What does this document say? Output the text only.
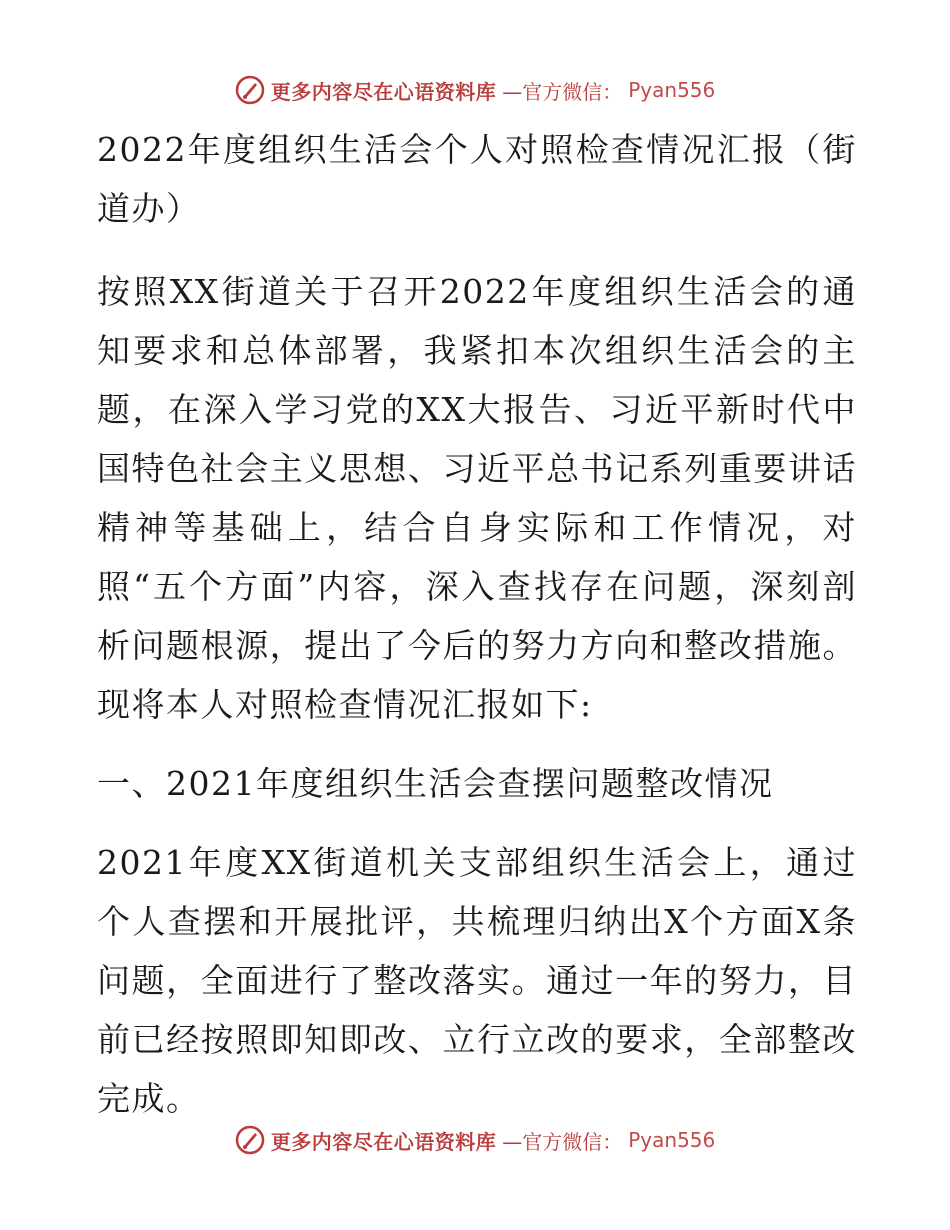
更多内容尽在心语资料库 —官方微信： Pyan556

2022年度组织生活会个人对照检查情况汇报（街道办）

按照XX街道关于召开2022年度组织生活会的通知要求和总体部署，我紧扣本次组织生活会的主题，在深入学习党的XX大报告、习近平新时代中国特色社会主义思想、习近平总书记系列重要讲话精神等基础上，结合自身实际和工作情况，对照“五个方面”内容，深入查找存在问题，深刻剖析问题根源，提出了今后的努力方向和整改措施。现将本人对照检查情况汇报如下:

一、2021年度组织生活会查摆问题整改情况

2021年度XX街道机关支部组织生活会上，通过个人查摆和开展批评，共梳理归纳出X个方面X条问题，全面进行了整改落实。通过一年的努力，目前已经按照即知即改、立行立改的要求，全部整改完成。

更多内容尽在心语资料库 —官方微信： Pyan556
